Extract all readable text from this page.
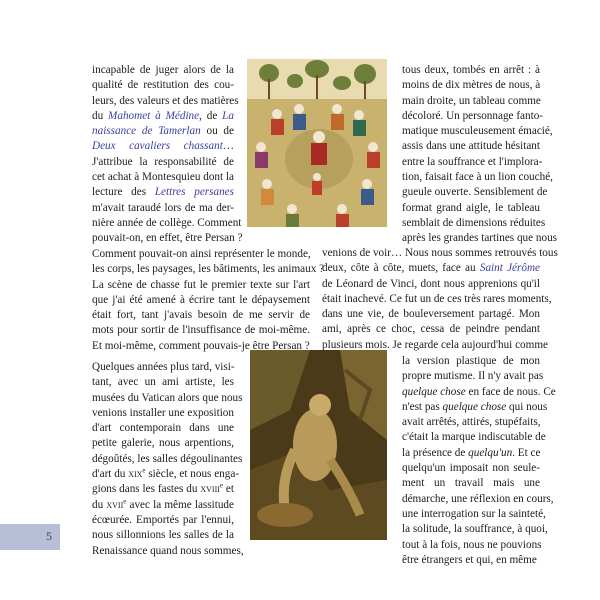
incapable de juger alors de la
qualité de restitution des cou-
leurs, des valeurs et des matières
du Mahomet à Médine, de La
naissance de Tamerlan ou de
Deux cavaliers chassant…
J'attribue la responsabilité de
cet achat à Montesquieu dont la
lecture des Lettres persanes
m'avait taraudé lors de ma der-
nière année de collège. Comment
pouvait-on, en effet, être Persan ?
Comment pouvait-on ainsi représenter le monde,
les corps, les paysages, les bâtiments, les animaux ?
La scène de chasse fut le premier texte sur l'art
que j'ai été amené à écrire tant le dépaysement
était fort, tant j'avais besoin de me servir de
mots pour sortir de l'insuffisance de moi-même.
Et moi-même, comment pouvais-je être Persan ?
Quelques années plus tard, visi-
tant, avec un ami artiste, les
musées du Vatican alors que nous
venions installer une exposition
d'art contemporain dans une
petite galerie, nous arpentions,
dégoûtés, les salles dégoulinantes
d'art du xix$^e$ siècle, et nous enga-
gions dans les fastes du xviii$^e$ et
du xvii$^e$ avec la même lassitude
écœurée. Emportés par l'ennui,
nous sillonnions les salles de la
Renaissance quand nous sommes,
tous deux, tombés en arrêt : à
moins de dix mètres de nous, à
main droite, un tableau comme
décoloré. Un personnage fanto-
matique musculeusement émacié,
assis dans une attitude hésitant
entre la souffrance et l'implora-
tion, faisait face à un lion couché,
gueule ouverte. Sensiblement de
format grand aigle, le tableau
semblait de dimensions réduites
après les grandes tartines que nous
venions de voir… Nous nous sommes retrouvés tous
deux, côte à côte, muets, face au Saint Jérôme
de Léonard de Vinci, dont nous apprenions qu'il
était inachevé. Ce fut un de ces très rares moments,
dans une vie, de bouleversement partagé. Mon
ami, après ce choc, cessa de peindre pendant
plusieurs mois. Je regarde cela aujourd'hui comme
la version plastique de mon
propre mutisme. Il n'y avait pas
quelque chose en face de nous. Ce
n'est pas quelque chose qui nous
avait arrêtés, attirés, stupéfaits,
c'était la marque indiscutable de
la présence de quelqu'un. Et ce
quelqu'un imposait non seule-
ment un travail mais une
démarche, une réflexion en cours,
une interrogation sur la sainteté,
la solitude, la souffrance, à quoi,
tout à la fois, nous ne pouvions
être étrangers et qui, en même
5
